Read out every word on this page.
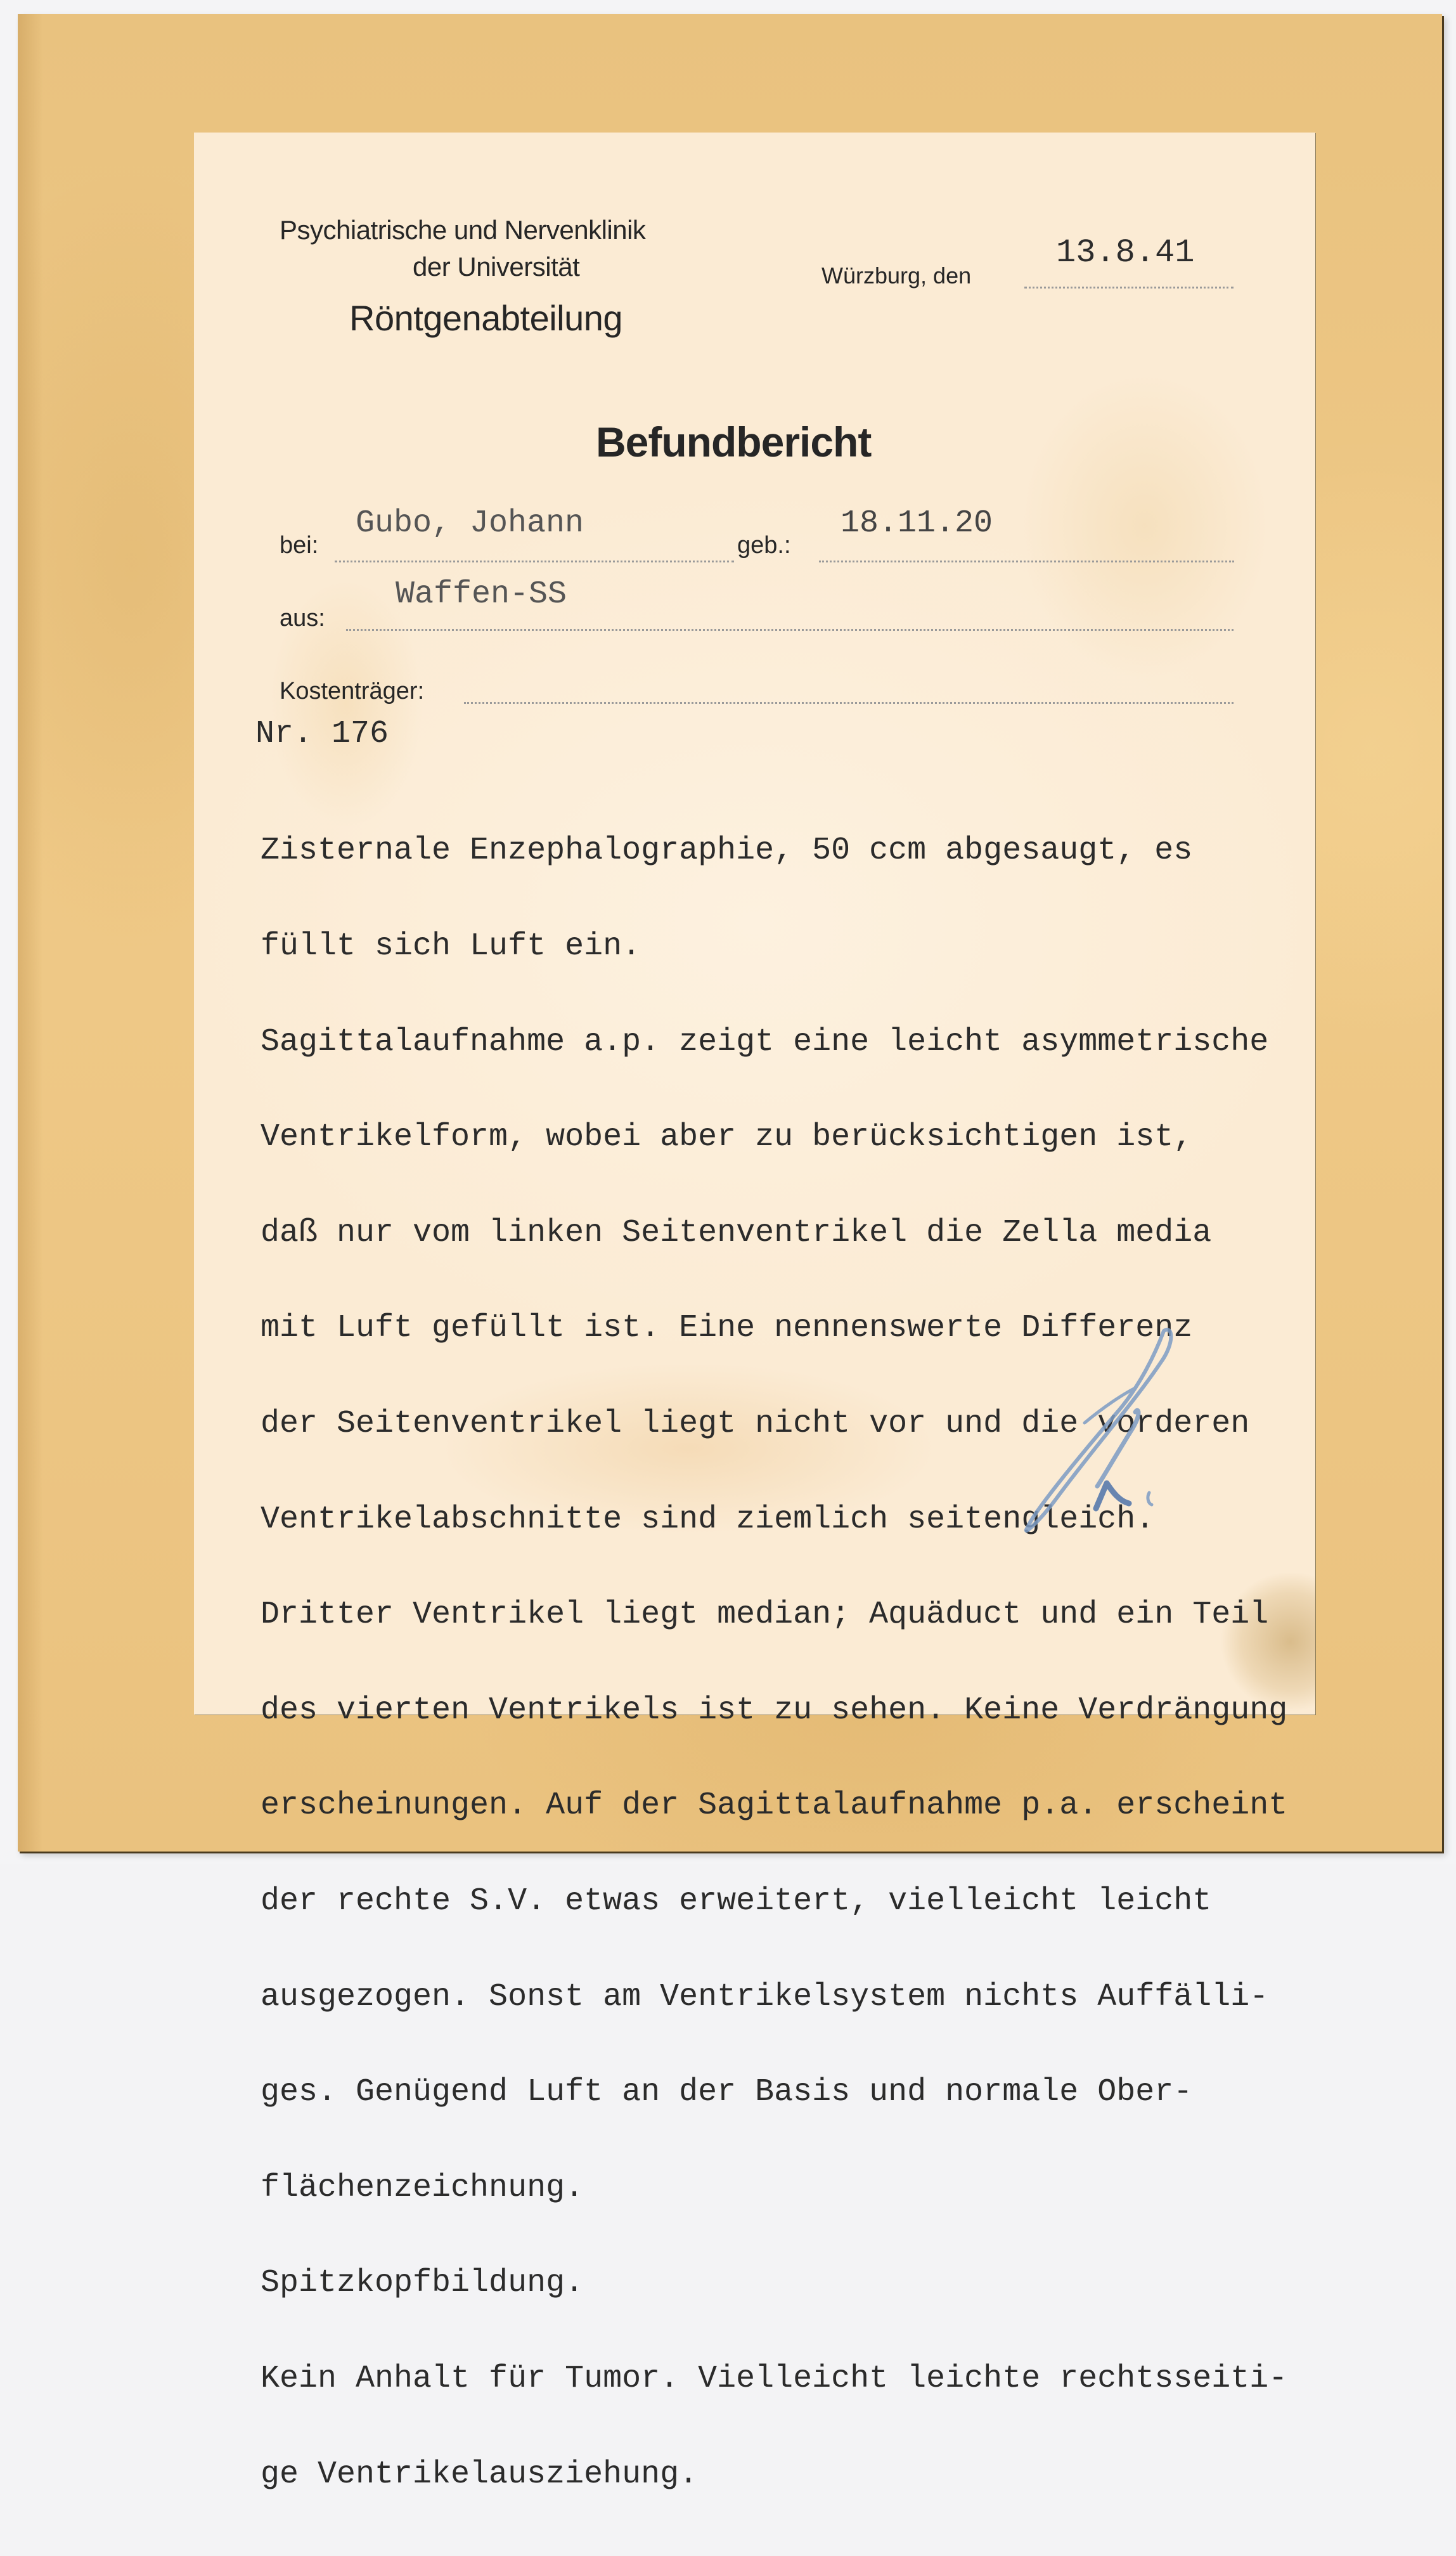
Psychiatrische und Nervenklinik
der Universität
Röntgenabteilung
Würzburg, den
13.8.41
Befundbericht
bei:
Gubo, Johann
geb.:
18.11.20
aus:
Waffen-SS
Kostenträger:
Nr. 176

Zisternale Enzephalographie, 50 ccm abgesaugt, es

füllt sich Luft ein.

Sagittalaufnahme a.p. zeigt eine leicht asymmetrische

Ventrikelform, wobei aber zu berücksichtigen ist,

daß nur vom linken Seitenventrikel die Zella media

mit Luft gefüllt ist. Eine nennenswerte Differenz

der Seitenventrikel liegt nicht vor und die vorderen

Ventrikelabschnitte sind ziemlich seitengleich.

Dritter Ventrikel liegt median; Aquäduct und ein Teil

des vierten Ventrikels ist zu sehen. Keine Verdrängung

erscheinungen. Auf der Sagittalaufnahme p.a. erscheint

der rechte S.V. etwas erweitert, vielleicht leicht

ausgezogen. Sonst am Ventrikelsystem nichts Auffälli-

ges. Genügend Luft an der Basis und normale Ober-

flächenzeichnung.

Spitzkopfbildung.

Kein Anhalt für Tumor. Vielleicht leichte rechtsseiti-

ge Ventrikelausziehung.
